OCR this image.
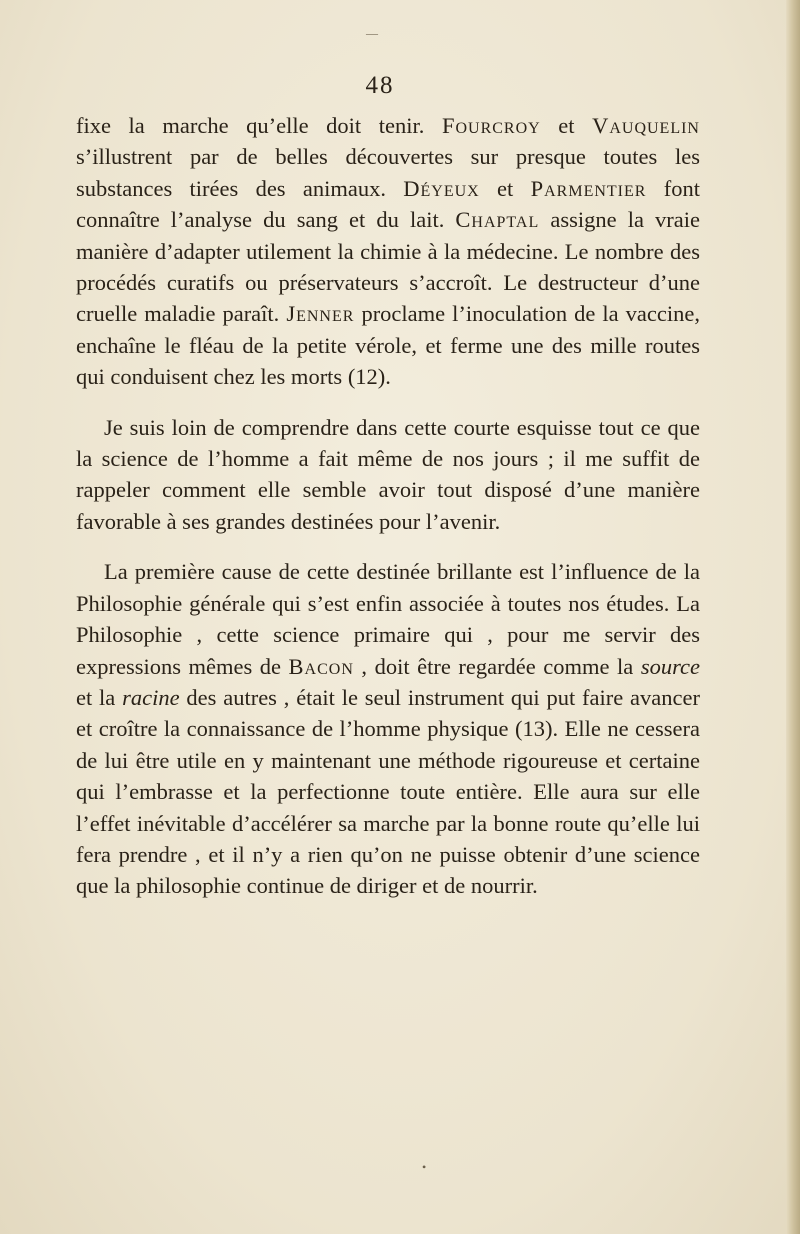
48

fixe la marche qu’elle doit tenir. Fourcroy et Vauquelin s’illustrent par de belles découvertes sur presque toutes les substances tirées des animaux. Déyeux et Parmentier font connaître l’analyse du sang et du lait. Chaptal assigne la vraie manière d’adapter utilement la chimie à la médecine. Le nombre des procédés curatifs ou préservateurs s’accroît. Le destructeur d’une cruelle maladie paraît. Jenner proclame l’inoculation de la vaccine, enchaîne le fléau de la petite vérole, et ferme une des mille routes qui conduisent chez les morts (12).

Je suis loin de comprendre dans cette courte esquisse tout ce que la science de l’homme a fait même de nos jours ; il me suffit de rappeler comment elle semble avoir tout disposé d’une manière favorable à ses grandes destinées pour l’avenir.

La première cause de cette destinée brillante est l’influence de la Philosophie générale qui s’est enfin associée à toutes nos études. La Philosophie , cette science primaire qui , pour me servir des expressions mêmes de Bacon , doit être regardée comme la source et la racine des autres , était le seul instrument qui put faire avancer et croître la connaissance de l’homme physique (13). Elle ne cessera de lui être utile en y maintenant une méthode rigoureuse et certaine qui l’embrasse et la perfectionne toute entière. Elle aura sur elle l’effet inévitable d’accélérer sa marche par la bonne route qu’elle lui fera prendre , et il n’y a rien qu’on ne puisse obtenir d’une science que la philosophie continue de diriger et de nourrir.

—
•
